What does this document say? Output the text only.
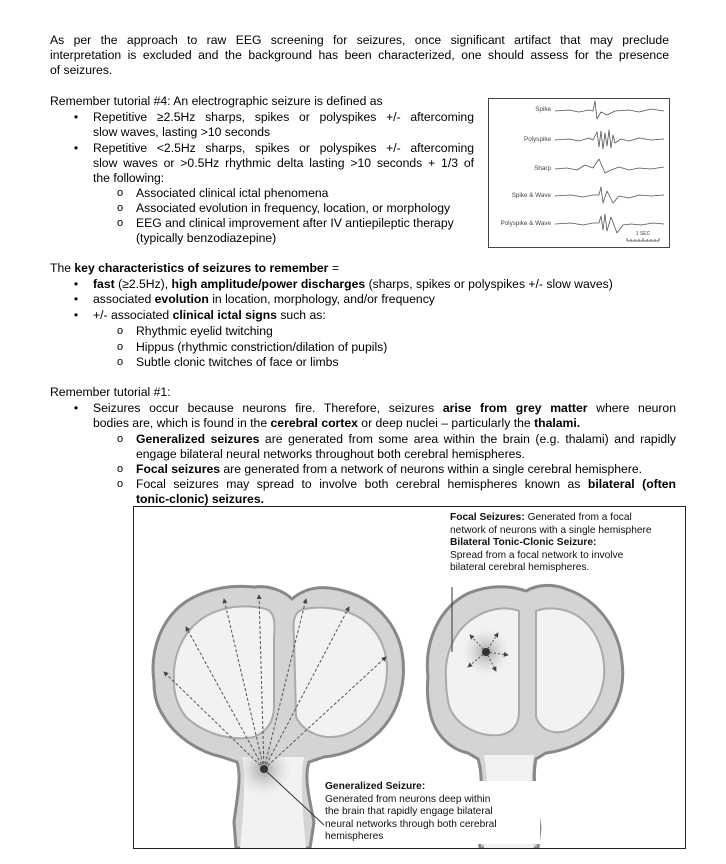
As per the approach to raw EEG screening for seizures, once significant artifact that may preclude
interpretation is excluded and the background has been characterized, one should assess for the presence
of seizures.
Remember tutorial #4: An electrographic seizure is defined as
• Repetitive ≥2.5Hz sharps, spikes or polyspikes +/- aftercoming
slow waves, lasting >10 seconds
• Repetitive <2.5Hz sharps, spikes or polyspikes +/- aftercoming
slow waves or >0.5Hz rhythmic delta lasting >10 seconds + 1/3 of
the following:
o Associated clinical ictal phenomena
o Associated evolution in frequency, location, or morphology
o EEG and clinical improvement after IV antiepileptic therapy
(typically benzodiazepine)
Spike
Polyspike
Sharp
Spike & Wave
Polyspike & Wave
1 SEC
The key characteristics of seizures to remember =
• fast (≥2.5Hz), high amplitude/power discharges (sharps, spikes or polyspikes +/- slow waves)
• associated evolution in location, morphology, and/or frequency
• +/- associated clinical ictal signs such as:
o Rhythmic eyelid twitching
o Hippus (rhythmic constriction/dilation of pupils)
o Subtle clonic twitches of face or limbs
Remember tutorial #1:
• Seizures occur because neurons fire. Therefore, seizures arise from grey matter where neuron
bodies are, which is found in the cerebral cortex or deep nuclei – particularly the thalami.
o Generalized seizures are generated from some area within the brain (e.g. thalami) and rapidly
engage bilateral neural networks throughout both cerebral hemispheres.
o Focal seizures are generated from a network of neurons within a single cerebral hemisphere.
o Focal seizures may spread to involve both cerebral hemispheres known as bilateral (often
tonic-clonic) seizures.
Focal Seizures: Generated from a focal
network of neurons with a single hemisphere
Bilateral Tonic-Clonic Seizure:
Spread from a focal network to involve
bilateral cerebral hemispheres.
Generalized Seizure:
Generated from neurons deep within
the brain that rapidly engage bilateral
neural networks through both cerebral
hemispheres
